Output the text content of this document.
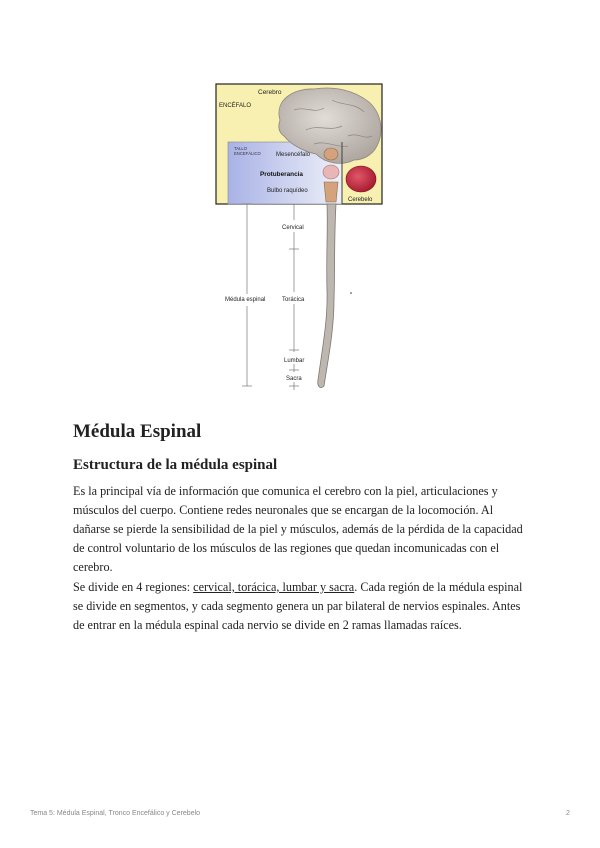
Cerebro
ENCÉFALO
TALLO
ENCEFÁLICO	Mesencéfalo
Protuberancia
Bulbo raquídeo
Cerebelo
Médula espinal
Cervical
Torácica
Lumbar
Sacra
Médula Espinal
Estructura de la médula espinal

Es la principal vía de información que comunica el cerebro con la piel, articulaciones y músculos del cuerpo. Contiene redes neuronales que se encargan de la locomoción. Al dañarse se pierde la sensibilidad de la piel y músculos, además de la pérdida de la capacidad de control voluntario de los músculos de las regiones que quedan incomunicadas con el cerebro.

Se divide en 4 regiones: cervical, torácica, lumbar y sacra. Cada región de la médula espinal se divide en segmentos, y cada segmento genera un par bilateral de nervios espinales. Antes de entrar en la médula espinal cada nervio se divide en 2 ramas llamadas raíces.

Tema 5: Médula Espinal, Tronco Encefálico y Cerebelo	2
